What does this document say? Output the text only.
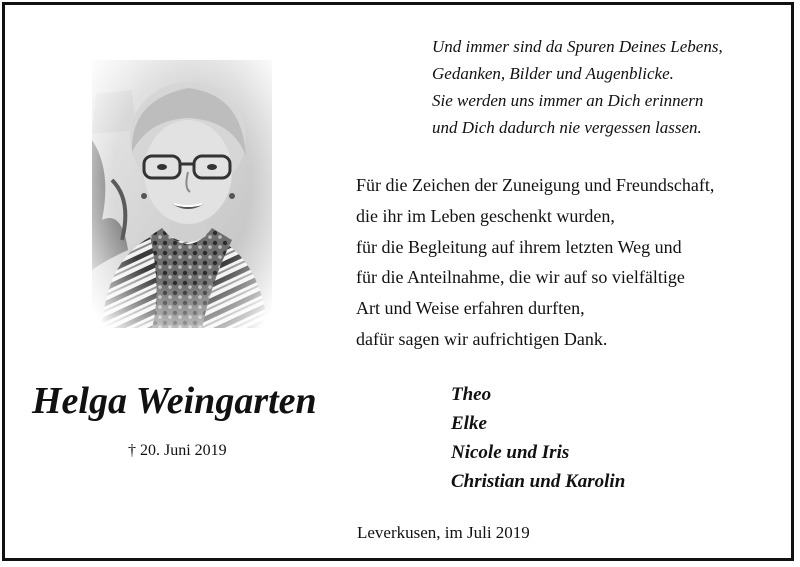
Und immer sind da Spuren Deines Lebens,
Gedanken, Bilder und Augenblicke.
Sie werden uns immer an Dich erinnern
und Dich dadurch nie vergessen lassen.
Für die Zeichen der Zuneigung und Freundschaft,
die ihr im Leben geschenkt wurden,
für die Begleitung auf ihrem letzten Weg und
für die Anteilnahme, die wir auf so vielfältige
Art und Weise erfahren durften,
dafür sagen wir aufrichtigen Dank.
Helga Weingarten
† 20. Juni 2019
Theo
Elke
Nicole und Iris
Christian und Karolin
Leverkusen, im Juli 2019
